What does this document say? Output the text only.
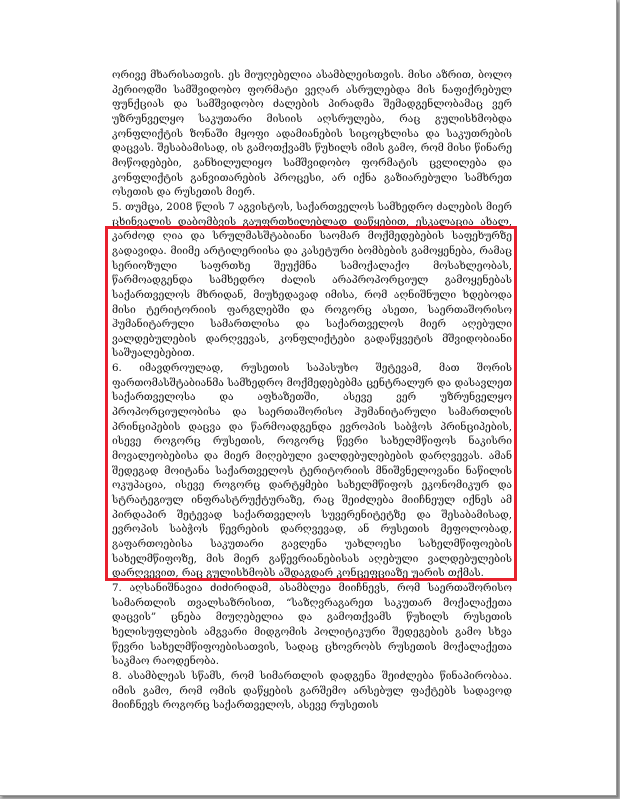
ორივე მხარისათვის. ეს მიუღებელია ასამბლეისთვის. მისი აზრით, ბოლო პერიოდში სამშვიდობო ფორმატი ვეღარ ასრულებდა მის ნაფიქრებულ ფუნქციას და სამშვიდობო ძალების პირადმა შემადგენლობამაც ვერ უზრუნველყო საკუთარი მისიის აღსრულება, რაც გულისხმობდა კონფლიქტის ზონაში მყოფი ადამიანების სიცოცხლისა და საკუთრების დაცვას. შესაბამისად, ის გამოთქვამს წუხილს იმის გამო, რომ მისი წინარე მოწოდებები, განხილულიყო სამშვიდობო ფორმატის ცვლილება და კონფლიქტის განვითარების პროცესი, არ იქნა გაზიარებული სამხრეთ ოსეთის და რუსეთის მიერ.

5. თუმცა, 2008 წლის 7 აგვისტოს, საქართველოს სამხედრო ძალების მიერ ცხინვალის დაბომბვის გაუფრთხილებლად დაწყებით, ესკალაცია ახალ, კარძოდ ღია და სრულმასშტაბიანი საომარ მოქმედებების საფეხურზე გადავიდა. მიიმე არტილერიისა და კასეტური ბომბების გამოყენება, რამაც სერიოზული საფრთხე შეუქმნა სამოქალაქო მოსახლეობას, წარმოადგენდა სამხედრო ძალის არაპროპორციულ გამოყენებას საქართველოს მხრიდან, მიუხედავად იმისა, რომ აღნიშნული ხდებოდა მისი ტერიტორიის ფარგლებში და როგორც ასეთი, საერთაშორისო ჰუმანიტარული სამართლისა და საქართველოს მიერ აღებული ვალდებულების დარღვევას, კონფლიქტები გადაწყვეტის მშვიდობიანი საშუალებებით.

6. იმავდროულად, რუსეთის საპასუხო შეტევამ, მათ შორის ფართომასშტაბიანმა სამხედრო მოქმედებებმა ცენტრალურ და დასავლეთ საქართველოსა და აფხაზეთში, ასევე ვერ უზრუნველყო პროპორციულობისა და საერთაშორისო ჰუმანიტარული სამართლის პრინციპების დაცვა და წარმოადგენდა ევროპის საბჭოს პრინციპების, ისევე როგორც რუსეთის, როგორც წევრი სახელმწიფოს ნაკისრი მოვალეობებისა და მიერ მიღებული ვალდებულებების დარღვევას. ამან შედეგად მოიტანა საქართველოს ტერიტორიის მნიშვნელოვანი ნაწილის ოკუპაცია, ისევე როგორც დარტყმები სახელმწიფოს ეკონომიკურ და სტრატეგიულ ინფრასტრუქტურაზე, რაც შეიძლება მიიჩნეულ იქნეს ამ პირდაპირ შეტევად საქართველოს სუვერენიტეტზე და შესაბამისად, ევროპის საბჭოს წევრების დარღვევად, ან რუსეთის მეფოლობად, გაფართოებისა საკუთარი გავლენა უახლოესი სახელმწიფოების სახელმწიფოზე, მის მიერ გაწევრიანებისას აღებული ვალდებულების დარღვევით, რაც გულისხმობს აშდაგდარ კონცეფციაზე უარის თქმას.

7. აღსანიშნავია ძიძირიდამ, ასამბლეა მიიჩნევს, რომ საერთაშორისო სამართლის თვალსაზრისით, “საზღვრაგარეთ საკუთარ მოქალაქეთა დაცვის” ცნება მიუღებელია და გამოთქვამს წუხილს რუსეთის ხელისუფლების ამგვარი მიდგომის პოლიტიკური შედეგების გამო სხვა წევრი სახელმწიფოებისათვის, სადაც ცხოვრობს რუსეთის მოქალაქეთა საკმაო რაოდენობა.

8. ასამბლეას სწამს, რომ სიმართლის დადგენა შეიძლება წინაპირობაა. იმის გამო, რომ ომის დაწყების გარშემო არსებულ ფაქტებს სადავოდ მიიჩნევს როგორც საქართველოს, ასევე რუსეთის
